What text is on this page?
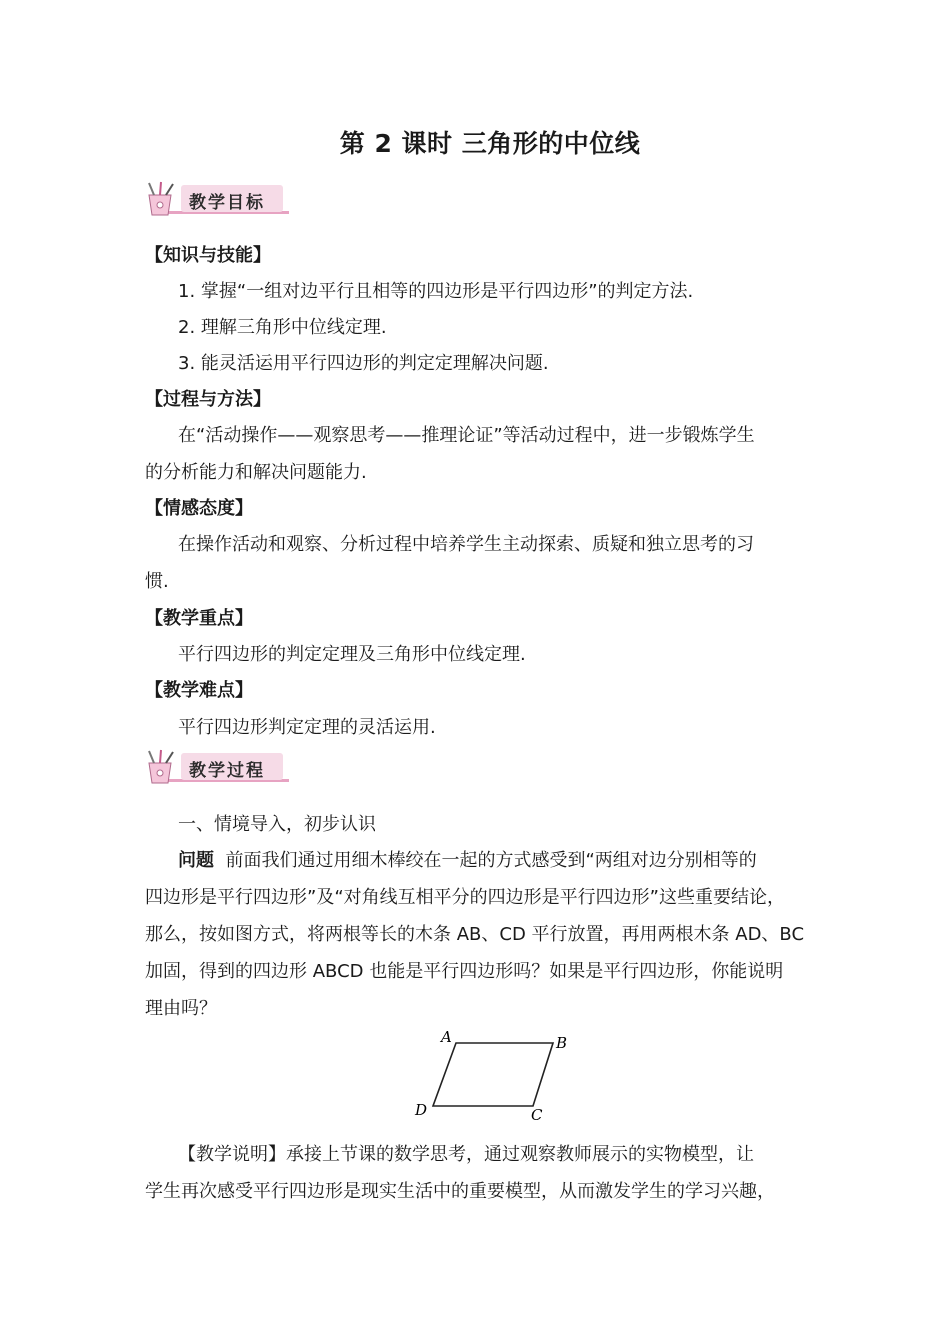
第 2 课时 三角形的中位线
教学目标
【知识与技能】
1. 掌握“一组对边平行且相等的四边形是平行四边形”的判定方法.
2. 理解三角形中位线定理.
3. 能灵活运用平行四边形的判定定理解决问题.
【过程与方法】
在“活动操作——观察思考——推理论证”等活动过程中，进一步锻炼学生
的分析能力和解决问题能力.
【情感态度】
在操作活动和观察、分析过程中培养学生主动探索、质疑和独立思考的习
惯.
【教学重点】
平行四边形的判定定理及三角形中位线定理.
【教学难点】
平行四边形判定定理的灵活运用.
教学过程
一、情境导入，初步认识
问题 前面我们通过用细木棒绞在一起的方式感受到“两组对边分别相等的
四边形是平行四边形”及“对角线互相平分的四边形是平行四边形”这些重要结论，
那么，按如图方式，将两根等长的木条 AB、CD 平行放置，再用两根木条 AD、BC
加固，得到的四边形 ABCD 也能是平行四边形吗？如果是平行四边形，你能说明
理由吗？
A	B
C
D
【教学说明】承接上节课的数学思考，通过观察教师展示的实物模型，让
学生再次感受平行四边形是现实生活中的重要模型，从而激发学生的学习兴趣，
